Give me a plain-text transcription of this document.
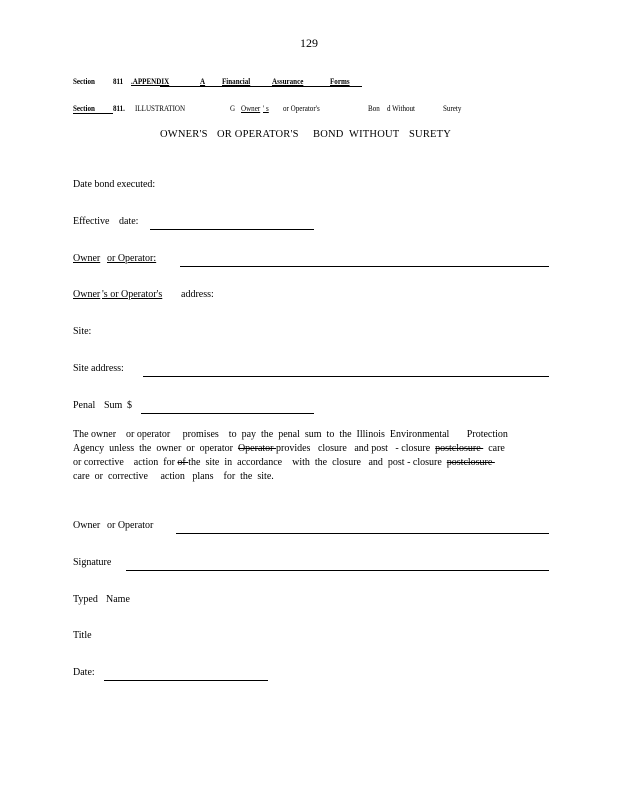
129
Section 811 .APPENDIX	A Financial	Assurance	Forms
Section 811. ILLUSTRATION	G Owner ' s or Operator's	Bon d Without	Surety
OWNER'S OR OPERATOR'S BOND WITHOUT SURETY
Date bond executed:
Effective date:
Owner or Operator:
Owner 's or Operator's address:
Site:
Site address:
Penal Sum $
The owner    or operator     promises    to  pay  the  penal  sum  to  the  Illinois  Environmental       Protection
Agency  unless  the  owner  or  operator  Operator provides   closure   and post   - closure  postclosure   care
or corrective    action  for of the  site  in  accordance    with  the  closure   and  post - closure  postclosure
care  or  corrective     action   plans    for  the  site.
Owner or Operator
Signature
Typed Name
Title
Date:
